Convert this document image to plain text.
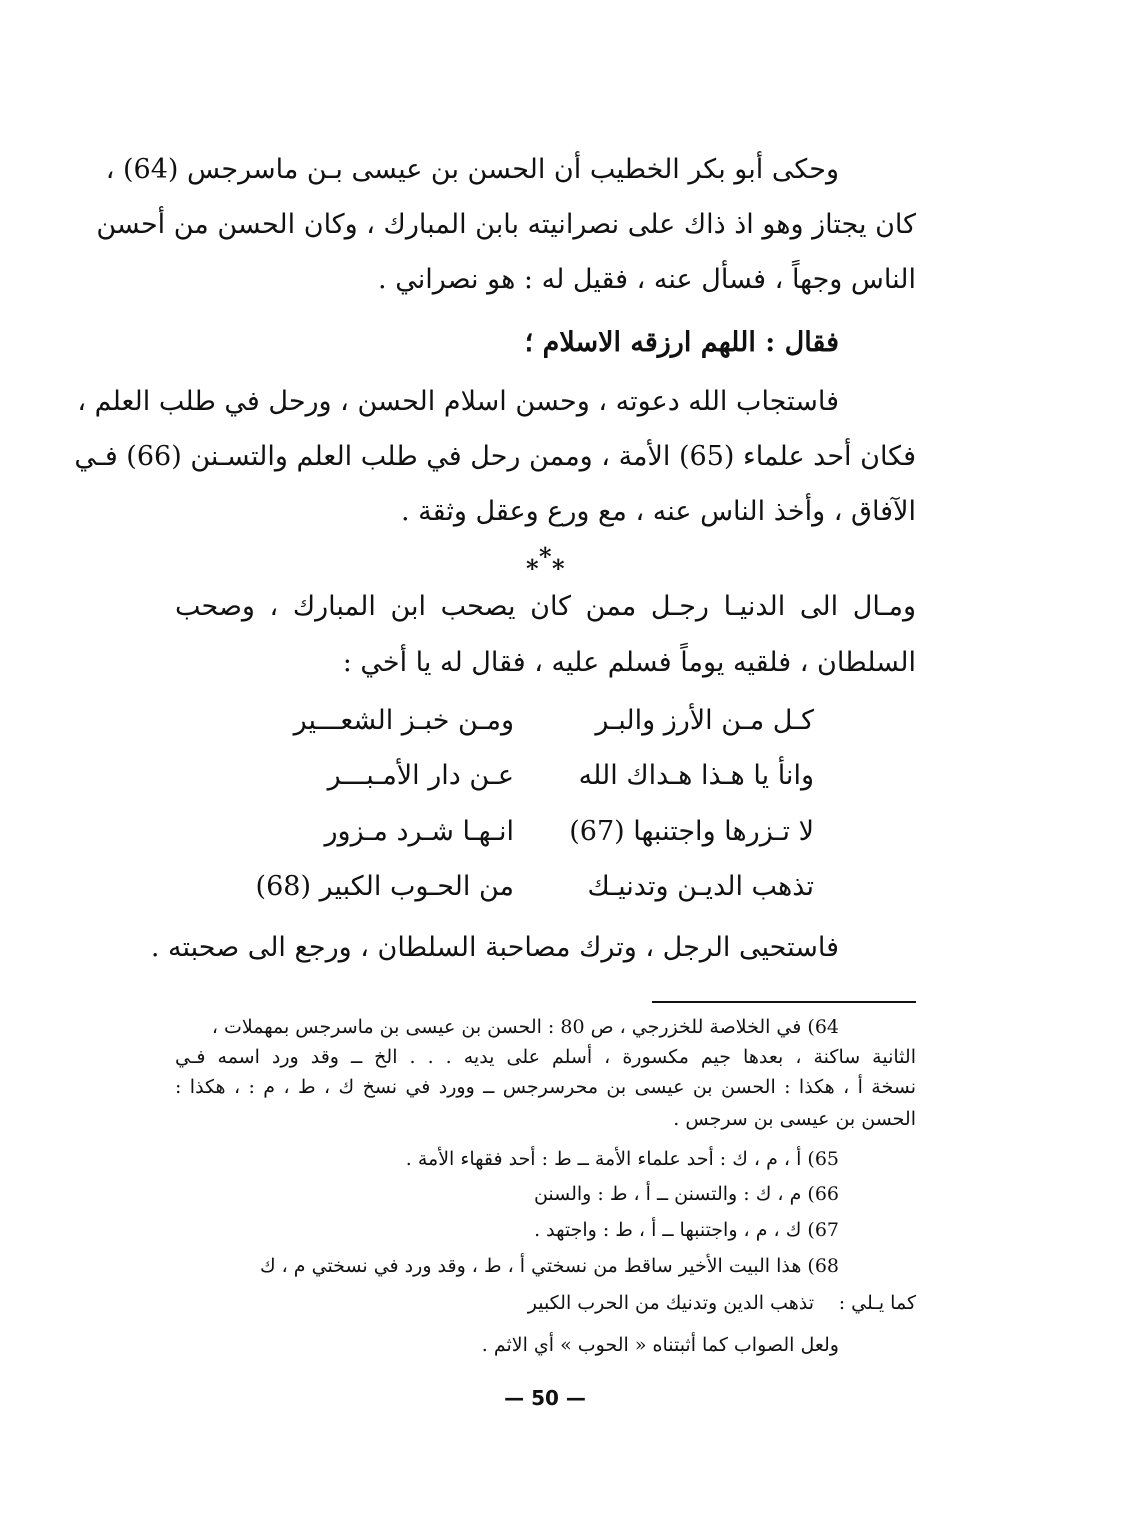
وحكى أبو بكر الخطيب أن الحسن بن عيسى بـن ماسرجس (64) ،
كان يجتاز وهو اذ ذاك على نصرانيته بابن المبارك ، وكان الحسن من أحسن
الناس وجهاً ، فسأل عنه ، فقيل له : هو نصراني .
فقال : اللهم ارزقه الاسلام ؛
فاستجاب الله دعوته ، وحسن اسلام الحسن ، ورحل في طلب العلم ،
فكان أحد علماء (65) الأمة ، وممن رحل في طلب العلم والتسـنن (66) فـي
الآفاق ، وأخذ الناس عنه ، مع ورع وعقل وثقة .
* * *
ومـال الى الدنيـا رجـل ممن كان يصحب ابن المبارك ، وصحب
السلطان ، فلقيه يوماً فسلم عليه ، فقال له يا أخي :
كـل مـن الأرز والبـر
ومـن خبـز الشعـــير
وانأ يا هـذا هـداك الله
عـن دار الأمـبـــر
لا تـزرها واجتنبها (67)
انـهـا شـرد مـزور
تذهب الديـن وتدنيـك
من الحـوب الكبير (68)
فاستحيى الرجل ، وترك مصاحبة السلطان ، ورجع الى صحبته .
64) في الخلاصة للخزرجي ، ص 80 : الحسن بن عيسى بن ماسرجس بمهملات ،
الثانية ساكنة ، بعدها جيم مكسورة ، أسلم على يديه . . . الخ ــ وقد ورد اسمه فـي
نسخة أ ، هكذا : الحسن بن عيسى بن محرسرجس ــ وورد في نسخ ك ، ط ، م : ، هكذا :
الحسن بن عيسى بن سرجس .
65) أ ، م ، ك : أحد علماء الأمة ــ ط : أحد فقهاء الأمة .
66) م ، ك : والتسنن ــ أ ، ط : والسنن
67) ك ، م ، واجتنبها ــ أ ، ط : واجتهد .
68) هذا البيت الأخير ساقط من نسختي أ ، ط ، وقد ورد في نسختي م ، ك
كما يـلي :
تذهب الدين وتدنيك من الحرب الكبير
ولعل الصواب كما أثبتناه « الحوب » أي الاثم .
— 50 —
